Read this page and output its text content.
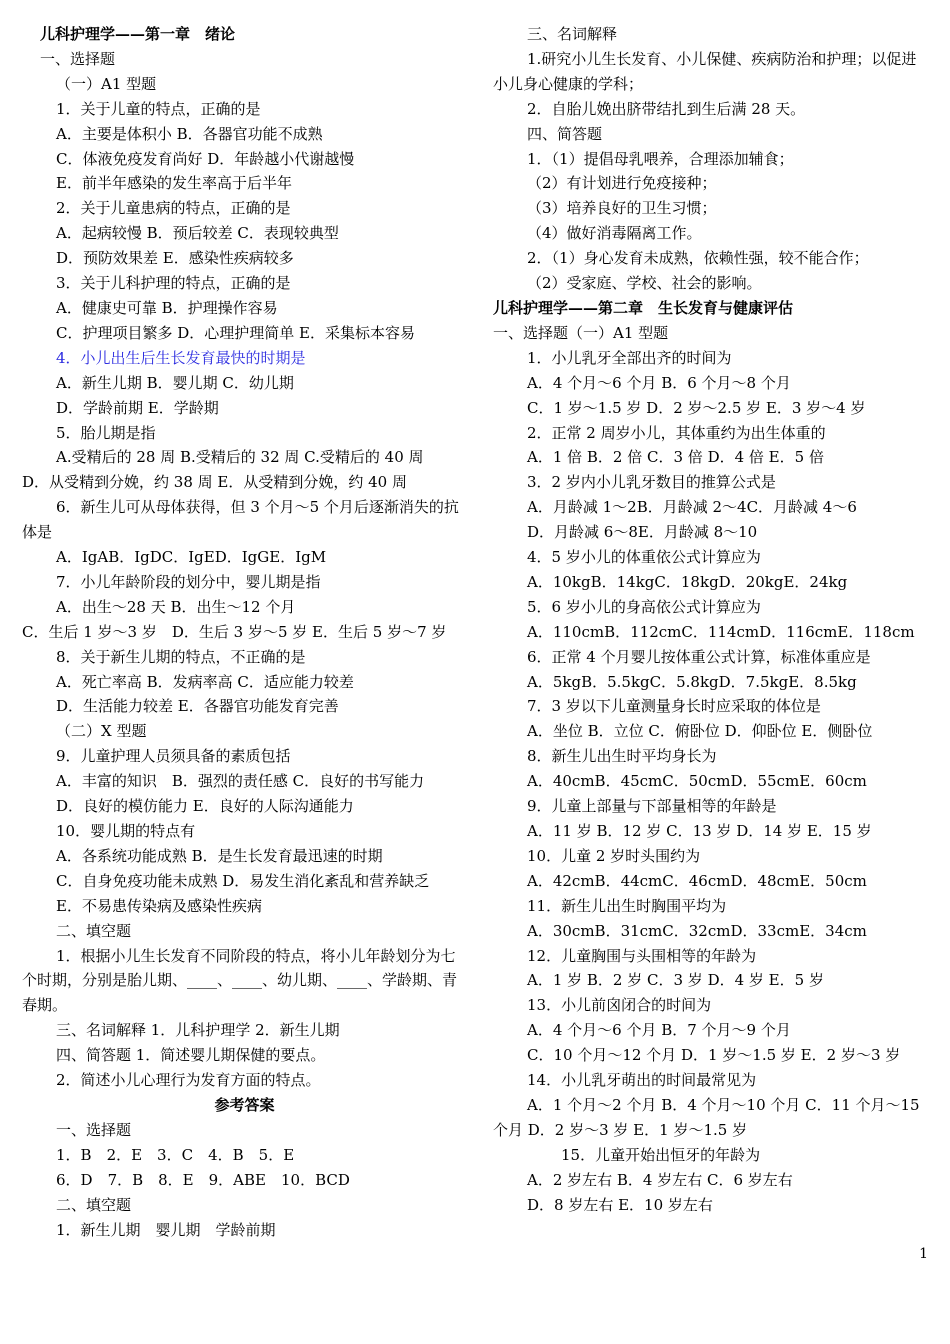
儿科护理学——第一章　绪论
一、选择题
（一）A1 型题
1．关于儿童的特点，正确的是
A．主要是体积小 B．各器官功能不成熟
C．体液免疫发育尚好 D．年龄越小代谢越慢
E．前半年感染的发生率高于后半年
2．关于儿童患病的特点，正确的是
A．起病较慢 B．预后较差 C．表现较典型
D．预防效果差 E．感染性疾病较多
3．关于儿科护理的特点，正确的是
A．健康史可靠 B．护理操作容易
C．护理项目繁多 D．心理护理简单 E．采集标本容易
4．小儿出生后生长发育最快的时期是
A．新生儿期 B．婴儿期 C．幼儿期
D．学龄前期 E．学龄期
5．胎儿期是指
A.受精后的 28 周 B.受精后的 32 周 C.受精后的 40 周
D．从受精到分娩，约 38 周 E．从受精到分娩，约 40 周
6．新生儿可从母体获得，但 3 个月～5 个月后逐渐消失的抗体是
A．IgAB．IgDC．IgED．IgGE．IgM
7．小儿年龄阶段的划分中，婴儿期是指
A．出生～28 天 B．出生～12 个月
C．生后 1 岁～3 岁　D．生后 3 岁～5 岁 E．生后 5 岁～7 岁
8．关于新生儿期的特点，不正确的是
A．死亡率高 B．发病率高 C．适应能力较差
D．生活能力较差 E．各器官功能发育完善
（二）X 型题
9．儿童护理人员须具备的素质包括
A．丰富的知识　B．强烈的责任感 C．良好的书写能力
D．良好的模仿能力 E．良好的人际沟通能力
10．婴儿期的特点有
A．各系统功能成熟 B．是生长发育最迅速的时期
C．自身免疫功能未成熟 D．易发生消化紊乱和营养缺乏
E．不易患传染病及感染性疾病
二、填空题
1．根据小儿生长发育不同阶段的特点，将小儿年龄划分为七个时期，分别是胎儿期、____、____、幼儿期、____、学龄期、青春期。
三、名词解释 1．儿科护理学 2．新生儿期
四、简答题 1．简述婴儿期保健的要点。
2．简述小儿心理行为发育方面的特点。
参考答案
一、选择题
1．B　2．E　3．C　4．B　5．E
6．D　7．B　8．E　9．ABE　10．BCD
二、填空题
1．新生儿期　婴儿期　学龄前期
三、名词解释
1.研究小儿生长发育、小儿保健、疾病防治和护理；以促进小儿身心健康的学科；
2．自胎儿娩出脐带结扎到生后满 28 天。
四、简答题
1．（1）提倡母乳喂养，合理添加辅食；
（2）有计划进行免疫接种；
（3）培养良好的卫生习惯；
（4）做好消毒隔离工作。
2．（1）身心发育未成熟，依赖性强，较不能合作；
（2）受家庭、学校、社会的影响。
儿科护理学——第二章　生长发育与健康评估
一、选择题（一）A1 型题
1．小儿乳牙全部出齐的时间为
A．4 个月～6 个月 B．6 个月～8 个月
C．1 岁～1.5 岁 D．2 岁～2.5 岁 E．3 岁～4 岁
2．正常 2 周岁小儿，其体重约为出生体重的
A．1 倍 B．2 倍 C．3 倍 D．4 倍 E．5 倍
3．2 岁内小儿乳牙数目的推算公式是
A．月龄减 1～2B．月龄减 2～4C．月龄减 4～6
D．月龄减 6～8E．月龄减 8～10
4．5 岁小儿的体重依公式计算应为
A．10kgB．14kgC．18kgD．20kgE．24kg
5．6 岁小儿的身高依公式计算应为
A．110cmB．112cmC．114cmD．116cmE．118cm
6．正常 4 个月婴儿按体重公式计算，标准体重应是
A．5kgB．5.5kgC．5.8kgD．7.5kgE．8.5kg
7．3 岁以下儿童测量身长时应采取的体位是
A．坐位 B．立位 C．俯卧位 D．仰卧位 E．侧卧位
8．新生儿出生时平均身长为
A．40cmB．45cmC．50cmD．55cmE．60cm
9．儿童上部量与下部量相等的年龄是
A．11 岁 B．12 岁 C．13 岁 D．14 岁 E．15 岁
10．儿童 2 岁时头围约为
A．42cmB．44cmC．46cmD．48cmE．50cm
11．新生儿出生时胸围平均为
A．30cmB．31cmC．32cmD．33cmE．34cm
12．儿童胸围与头围相等的年龄为
A．1 岁 B．2 岁 C．3 岁 D．4 岁 E．5 岁
13．小儿前囟闭合的时间为
A．4 个月～6 个月 B．7 个月～9 个月
C．10 个月～12 个月 D．1 岁～1.5 岁 E．2 岁～3 岁
14．小儿乳牙萌出的时间最常见为
A．1 个月～2 个月 B．4 个月～10 个月 C．11 个月～15 个月 D．2 岁～3 岁 E．1 岁～1.5 岁
15．儿童开始出恒牙的年龄为
A．2 岁左右 B．4 岁左右 C．6 岁左右
D．8 岁左右 E．10 岁左右
1
